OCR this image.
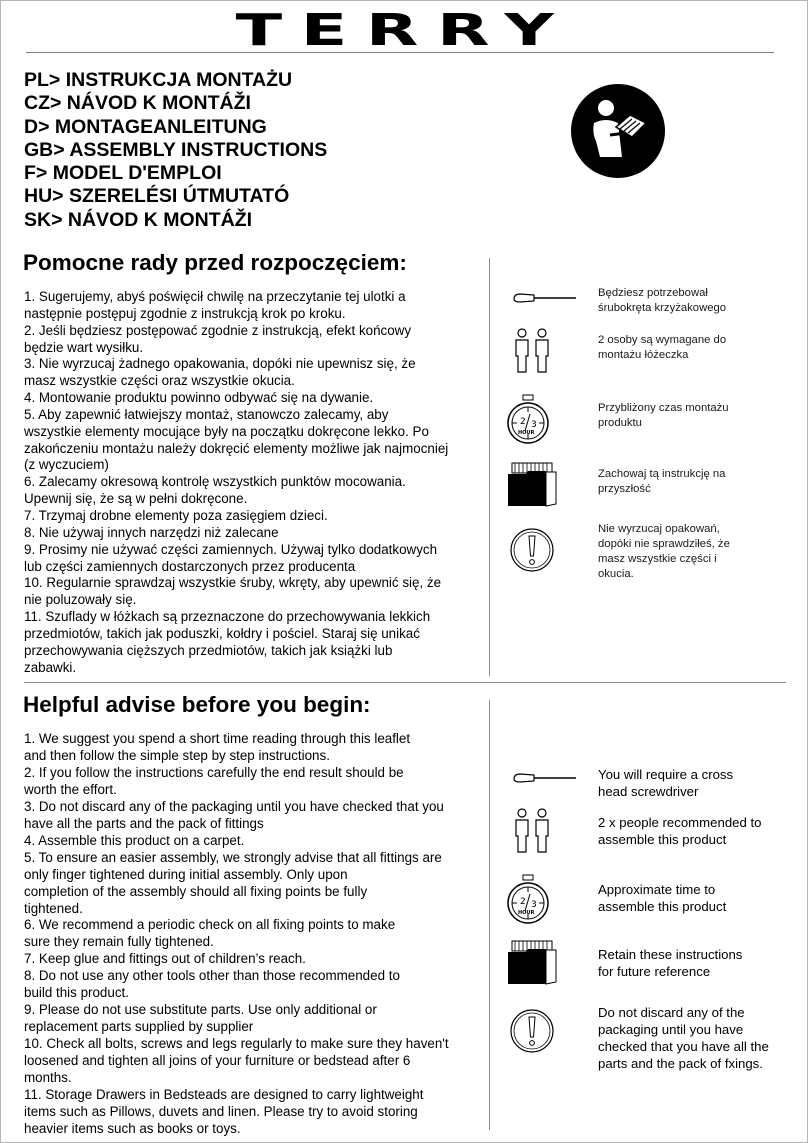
TERRY
PL> INSTRUKCJA MONTAŻU
CZ> NÁVOD K MONTÁŽI
D> MONTAGEANLEITUNG
GB> ASSEMBLY INSTRUCTIONS
F> MODEL D'EMPLOI
HU> SZERELÉSI ÚTMUTATÓ
SK> NÁVOD K MONTÁŽI
Pomocne rady przed rozpoczęciem:
1. Sugerujemy, abyś poświęcił chwilę na przeczytanie tej ulotki a
następnie postępuj zgodnie z instrukcją krok po kroku.
2. Jeśli będziesz postępować zgodnie z instrukcją, efekt końcowy
będzie wart wysiłku.
3. Nie wyrzucaj żadnego opakowania, dopóki nie upewnisz się, że
masz wszystkie części oraz wszystkie okucia.
4. Montowanie produktu powinno odbywać się na dywanie.
5. Aby zapewnić łatwiejszy montaż, stanowczo zalecamy, aby
wszystkie elementy mocujące były na początku dokręcone lekko. Po
zakończeniu montażu należy dokręcić elementy możliwe jak najmocniej
(z wyczuciem)
6. Zalecamy okresową kontrolę wszystkich punktów mocowania.
Upewnij się, że są w pełni dokręcone.
7. Trzymaj drobne elementy poza zasięgiem dzieci.
8. Nie używaj innych narzędzi niż zalecane
9. Prosimy nie używać części zamiennych. Używaj tylko dodatkowych
lub części zamiennych dostarczonych przez producenta
10. Regularnie sprawdzaj wszystkie śruby, wkręty, aby upewnić się, że
nie poluzowały się.
11. Szuflady w łóżkach są przeznaczone do przechowywania lekkich
przedmiotów, takich jak poduszki, kołdry i pościel. Staraj się unikać
przechowywania cięższych przedmiotów, takich jak książki lub
zabawki.
Będziesz potrzebował
śrubokręta krzyżakowego
2 osoby są wymagane do
montażu łóżeczka
2 3
HOUR
Przybliżony czas montażu
produktu
Zachowaj tą instrukcję na
przyszłość
Nie wyrzucaj opakowań,
dopóki nie sprawdziłeś, że
masz wszystkie części i
okucia.
Helpful advise before you begin:
1. We suggest you spend a short time reading through this leaflet
and then follow the simple step by step instructions.
2. If you follow the instructions carefully the end result should be
worth the effort.
3. Do not discard any of the packaging until you have checked that you
have all the parts and the pack of fittings
4. Assemble this product on a carpet.
5. To ensure an easier assembly, we strongly advise that all fittings are
only finger tightened during initial assembly. Only upon
completion of the assembly should all fixing points be fully
tightened.
6. We recommend a periodic check on all fixing points to make
sure they remain fully tightened.
7. Keep glue and fittings out of children’s reach.
8. Do not use any other tools other than those recommended to
build this product.
9. Please do not use substitute parts. Use only additional or
replacement parts supplied by supplier
10. Check all bolts, screws and legs regularly to make sure they haven't
loosened and tighten all joins of your furniture or bedstead after 6
months.
11. Storage Drawers in Bedsteads are designed to carry lightweight
items such as Pillows, duvets and linen. Please try to avoid storing
heavier items such as books or toys.
You will require a cross
head screwdriver
2 x people recommended to
assemble this product
2 3
HOUR
Approximate time to
assemble this product
Retain these instructions
for future reference
Do not discard any of the
packaging until you have
checked that you have all the
parts and the pack of fxings.
